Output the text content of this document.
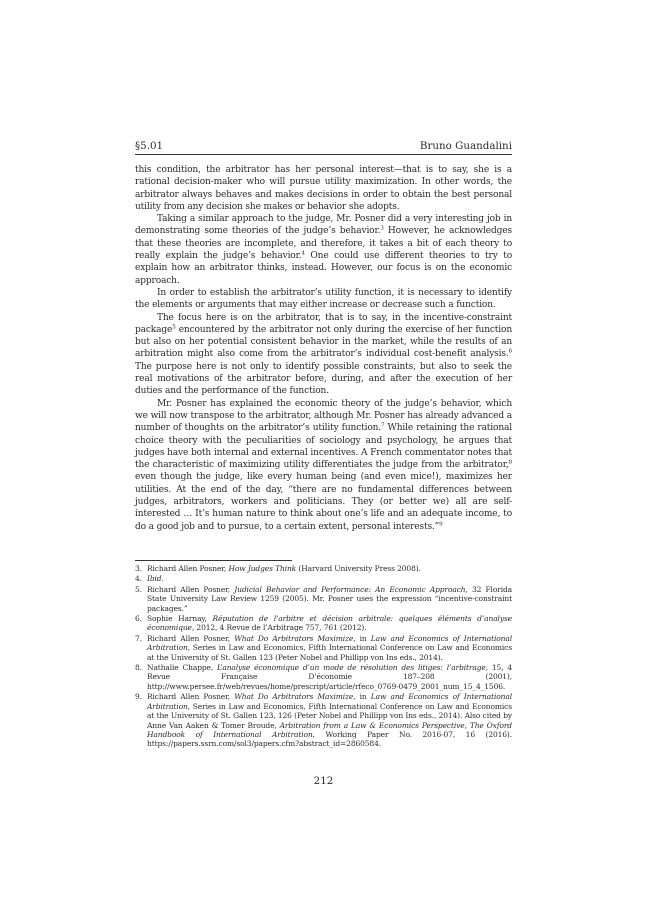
§5.01	Bruno Guandalini

this condition, the arbitrator has her personal interest—that is to say, she is a rational decision-maker who will pursue utility maximization. In other words, the arbitrator always behaves and makes decisions in order to obtain the best personal utility from any decision she makes or behavior she adopts.

Taking a similar approach to the judge, Mr. Posner did a very interesting job in demonstrating some theories of the judge’s behavior.$^3$ However, he acknowledges that these theories are incomplete, and therefore, it takes a bit of each theory to really explain the judge’s behavior.$^4$ One could use different theories to try to explain how an arbitrator thinks, instead. However, our focus is on the economic approach.

In order to establish the arbitrator’s utility function, it is necessary to identify the elements or arguments that may either increase or decrease such a function.

The focus here is on the arbitrator, that is to say, in the incentive-constraint package$^5$ encountered by the arbitrator not only during the exercise of her function but also on her potential consistent behavior in the market, while the results of an arbitration might also come from the arbitrator’s individual cost-benefit analysis.$^6$ The purpose here is not only to identify possible constraints, but also to seek the real motivations of the arbitrator before, during, and after the execution of her duties and the performance of the function.

Mr. Posner has explained the economic theory of the judge’s behavior, which we will now transpose to the arbitrator, although Mr. Posner has already advanced a number of thoughts on the arbitrator’s utility function.$^7$ While retaining the rational choice theory with the peculiarities of sociology and psychology, he argues that judges have both internal and external incentives. A French commentator notes that the characteristic of maximizing utility differentiates the judge from the arbitrator,$^8$ even though the judge, like every human being (and even mice!), maximizes her utilities. At the end of the day, “there are no fundamental differences between judges, arbitrators, workers and politicians. They (or better we) all are self-interested … It’s human nature to think about one’s life and an adequate income, to do a good job and to pursue, to a certain extent, personal interests.”$^9$

3. Richard Allen Posner, How Judges Think (Harvard University Press 2008).
4. Ibid.
5. Richard Allen Posner, Judicial Behavior and Performance: An Economic Approach, 32 Florida State University Law Review 1259 (2005). Mr. Posner uses the expression “incentive-constraint packages.”
6. Sophie Harnay, Réputation de l’arbitre et décision arbitrale: quelques éléments d’analyse économique, 2012, 4 Revue de l’Arbitrage 757, 761 (2012).
7. Richard Allen Posner, What Do Arbitrators Maximize, in Law and Economics of International Arbitration, Series in Law and Economics, Fifth International Conference on Law and Economics at the University of St. Gallen 123 (Peter Nobel and Phillipp von Ins eds., 2014).
8. Nathalie Chappe, L’analyse économique d’un mode de résolution des litiges: l’arbitrage, 15, 4 Revue Française D’économie 187–208 (2001), http://www.persee.fr/web/revues/home/prescript/article/rfeco_0769-0479_2001_num_15_4_1506.
9. Richard Allen Posner, What Do Arbitrators Maximize, in Law and Economics of International Arbitration, Series in Law and Economics, Fifth International Conference on Law and Economics at the University of St. Gallen 123, 126 (Peter Nobel and Phillipp von Ins eds., 2014). Also cited by Anne Van Aaken & Tomer Broude, Arbitration from a Law & Economics Perspective, The Oxford Handbook of International Arbitration, Working Paper No. 2016-07, 16 (2016). https://papers.ssrn.com/sol3/papers.cfm?abstract_id=2860584.
212
